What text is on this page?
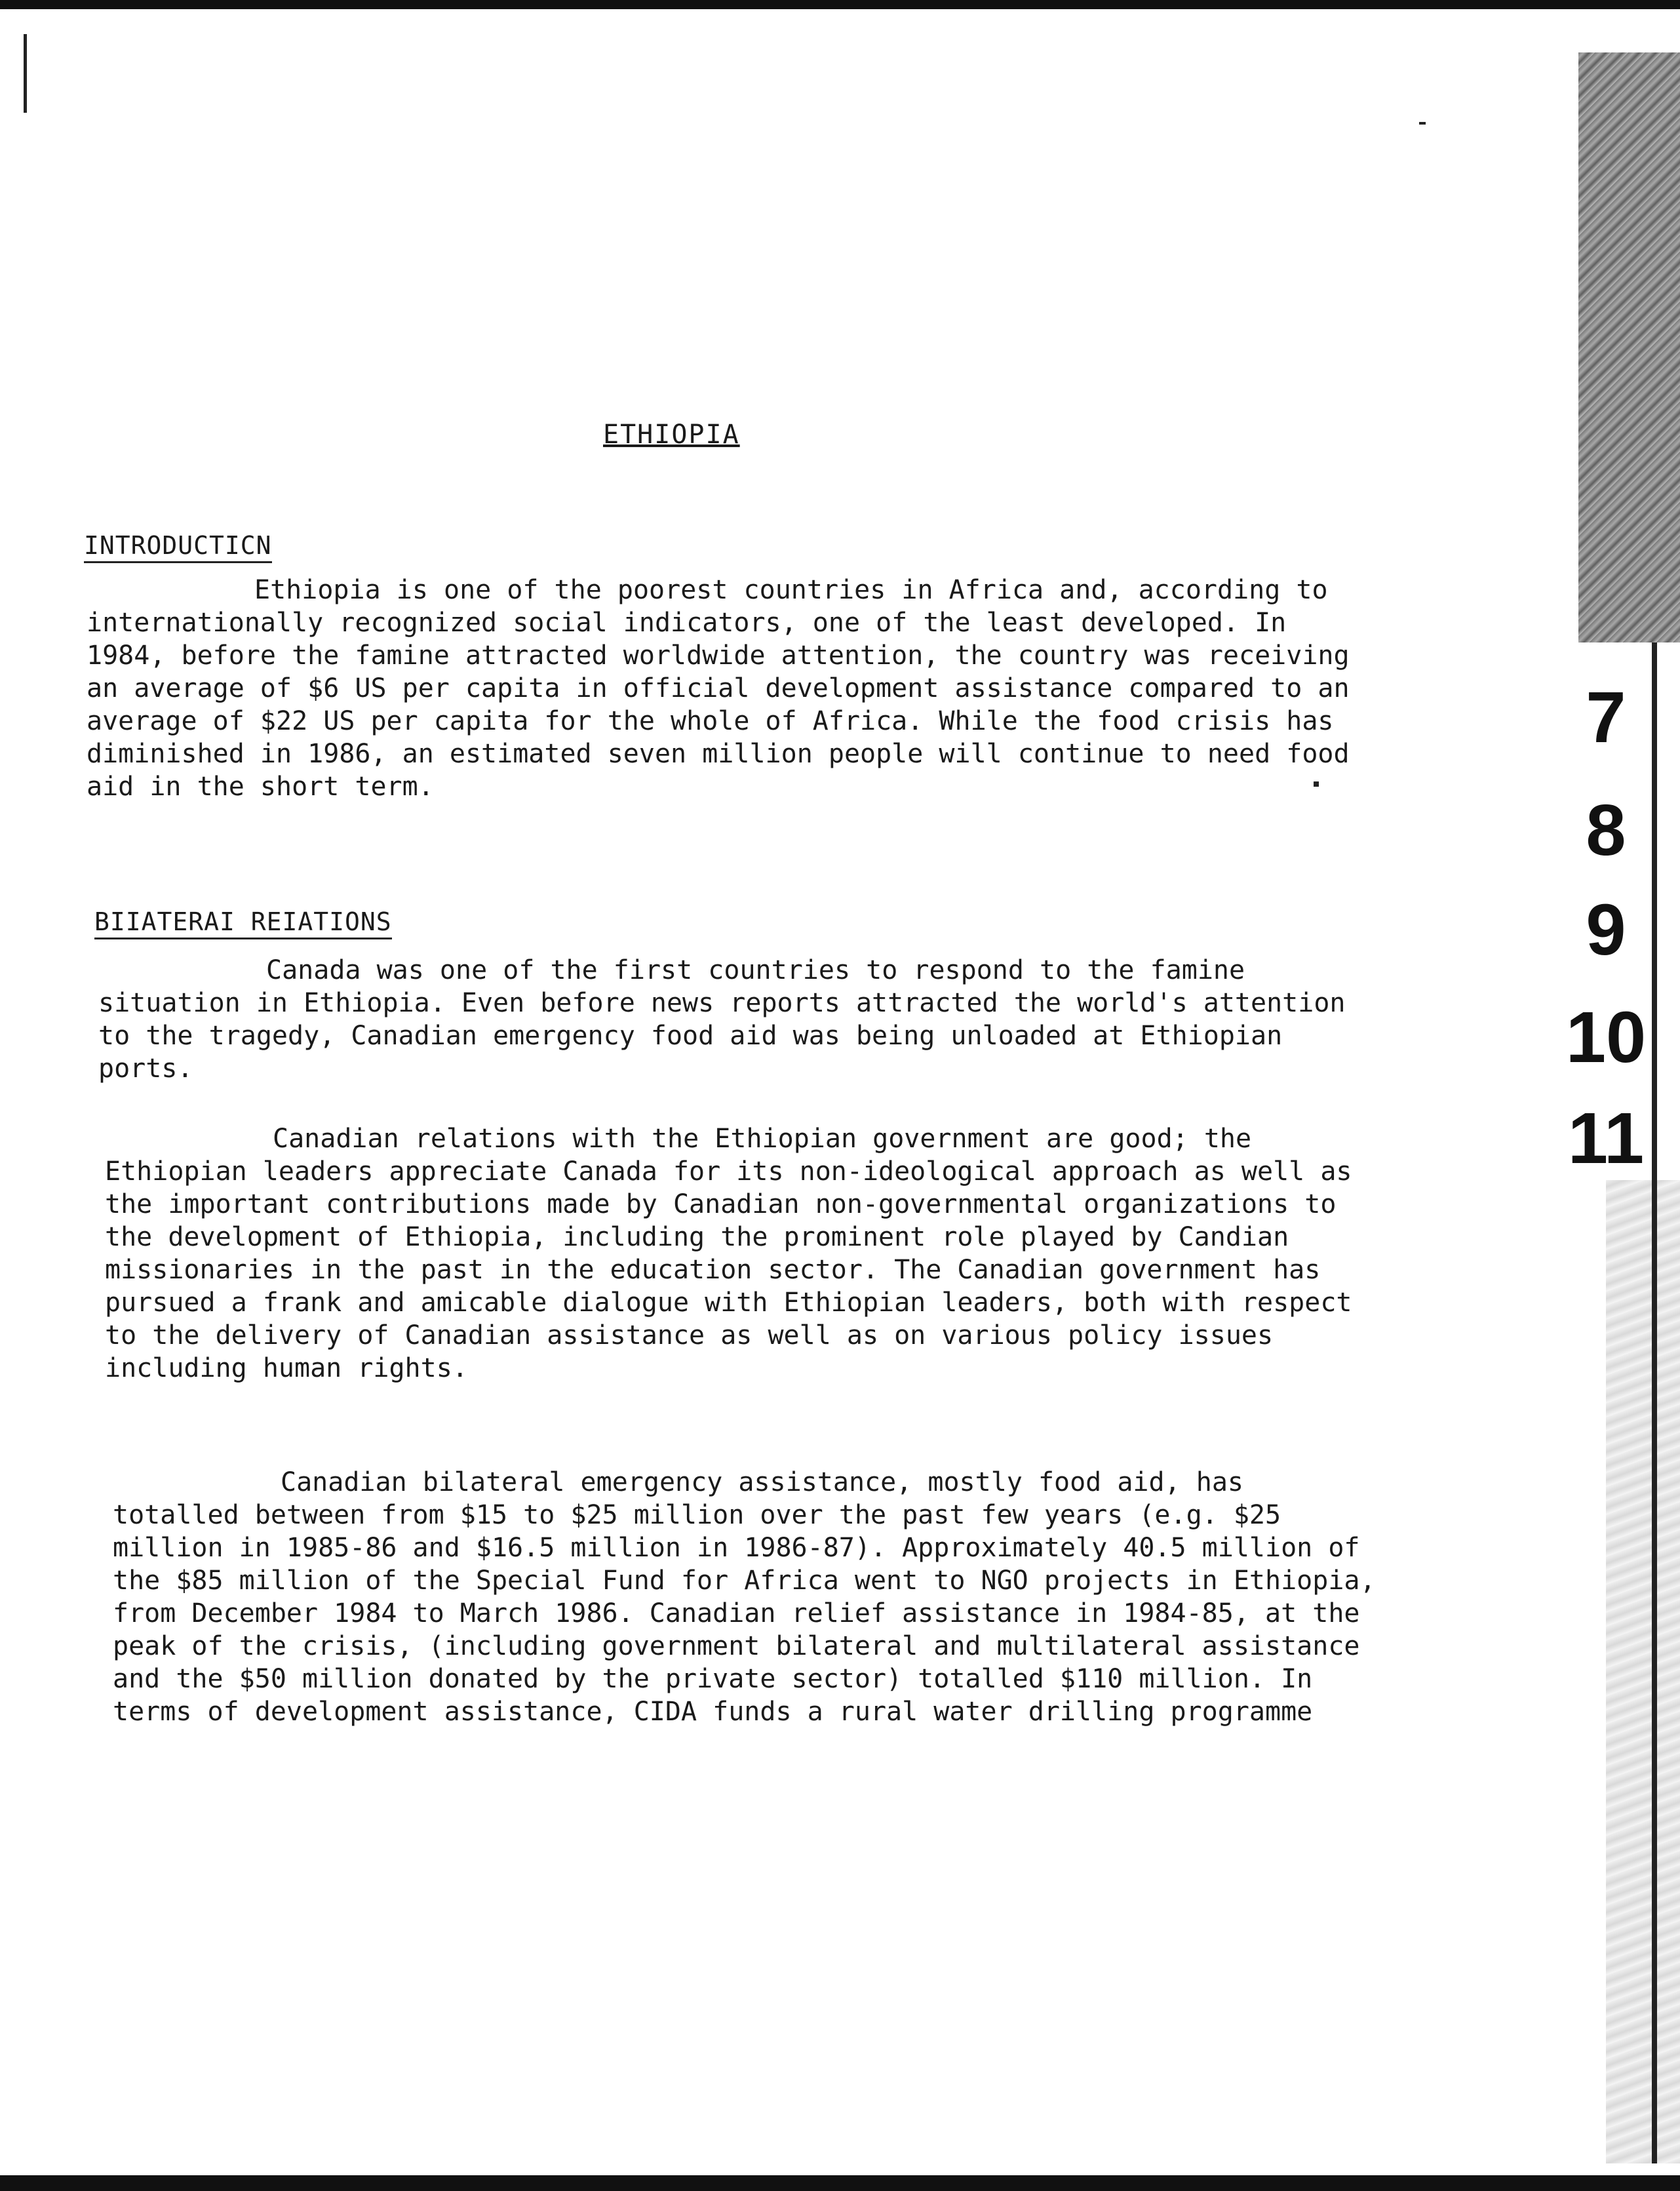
7
8
9
10
11
ETHIOPIA
INTRODUCTICN

Ethiopia is one of the poorest countries in Africa and, according to internationally recognized social indicators, one of the least developed. In 1984, before the famine attracted worldwide attention, the country was receiving an average of $6 US per capita in official development assistance compared to an average of $22 US per capita for the whole of Africa. While the food crisis has diminished in 1986, an estimated seven million people will continue to need food aid in the short term.

BIIATERAI REIATIONS

Canada was one of the first countries to respond to the famine situation in Ethiopia. Even before news reports attracted the world's attention to the tragedy, Canadian emergency food aid was being unloaded at Ethiopian ports.

Canadian relations with the Ethiopian government are good; the Ethiopian leaders appreciate Canada for its non-ideological approach as well as the important contributions made by Canadian non-governmental organizations to the development of Ethiopia, including the prominent role played by Candian missionaries in the past in the education sector. The Canadian government has pursued a frank and amicable dialogue with Ethiopian leaders, both with respect to the delivery of Canadian assistance as well as on various policy issues including human rights.

Canadian bilateral emergency assistance, mostly food aid, has totalled between from $15 to $25 million over the past few years (e.g. $25 million in 1985-86 and $16.5 million in 1986-87). Approximately 40.5 million of the $85 million of the Special Fund for Africa went to NGO projects in Ethiopia, from December 1984 to March 1986. Canadian relief assistance in 1984-85, at the peak of the crisis, (including government bilateral and multilateral assistance and the $50 million donated by the private sector) totalled $110 million. In terms of development assistance, CIDA funds a rural water drilling programme
